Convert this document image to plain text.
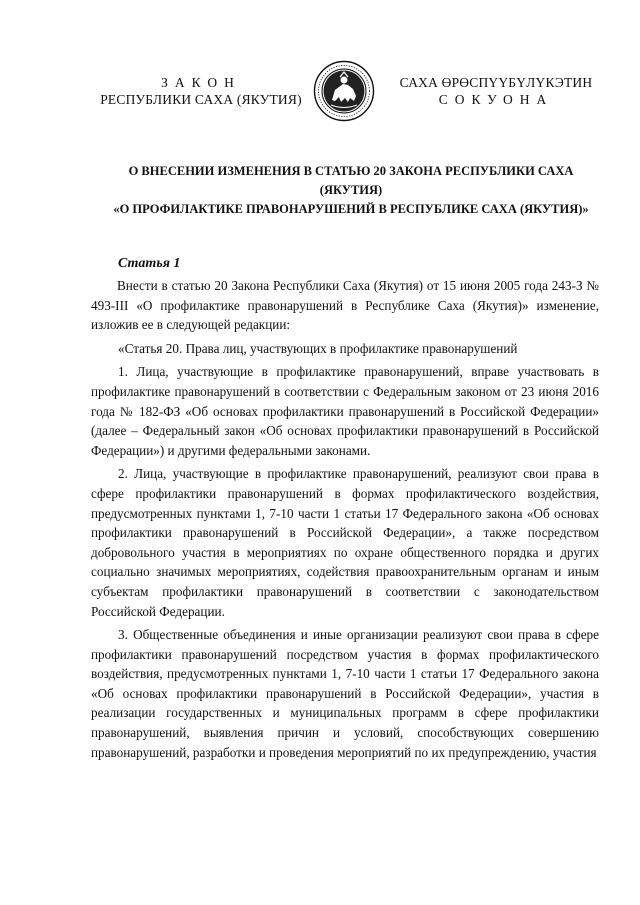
ЗАКОН
РЕСПУБЛИКИ САХА (ЯКУТИЯ)
САХА ӨРӨСПҮҮБҮЛҮКЭТИН
СОКУОНА
О ВНЕСЕНИИ ИЗМЕНЕНИЯ В СТАТЬЮ 20 ЗАКОНА РЕСПУБЛИКИ САХА (ЯКУТИЯ)
«О ПРОФИЛАКТИКЕ ПРАВОНАРУШЕНИЙ В РЕСПУБЛИКЕ САХА (ЯКУТИЯ)»
Статья 1

Внести в статью 20 Закона Республики Саха (Якутия) от 15 июня 2005 года 243-З № 493-III «О профилактике правонарушений в Республике Саха (Якутия)» изменение, изложив ее в следующей редакции:

«Статья 20. Права лиц, участвующих в профилактике правонарушений

1. Лица, участвующие в профилактике правонарушений, вправе участвовать в профилактике правонарушений в соответствии с Федеральным законом от 23 июня 2016 года № 182-ФЗ «Об основах профилактики правонарушений в Российской Федерации» (далее – Федеральный закон «Об основах профилактики правонарушений в Российской Федерации») и другими федеральными законами.

2. Лица, участвующие в профилактике правонарушений, реализуют свои права в сфере профилактики правонарушений в формах профилактического воздействия, предусмотренных пунктами 1, 7-10 части 1 статьи 17 Федерального закона «Об основах профилактики правонарушений в Российской Федерации», а также посредством добровольного участия в мероприятиях по охране общественного порядка и других социально значимых мероприятиях, содействия правоохранительным органам и иным субъектам профилактики правонарушений в соответствии с законодательством Российской Федерации.

3. Общественные объединения и иные организации реализуют свои права в сфере профилактики правонарушений посредством участия в формах профилактического воздействия, предусмотренных пунктами 1, 7-10 части 1 статьи 17 Федерального закона «Об основах профилактики правонарушений в Российской Федерации», участия в реализации государственных и муниципальных программ в сфере профилактики правонарушений, выявления причин и условий, способствующих совершению правонарушений, разработки и проведения мероприятий по их предупреждению, участия
